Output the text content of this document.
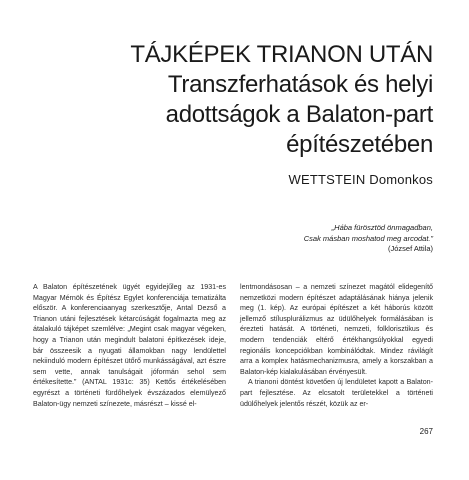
TÁJKÉPEK TRIANON UTÁN
Transzferhatások és helyi
adottságok a Balaton-part
építészetében
WETTSTEIN Domonkos
„Hába fürösztöd önmagadban,
Csak másban moshatod meg arcodat.”
(József Attila)

A Balaton építészetének ügyét egyidejűleg az 1931-es Magyar Mérnök és Építész Egylet konferenciája tematizálta először. A konferenciaanyag szerkesztője, Antal Dezső a Trianon utáni fejlesztések kétarcúságát fogalmazta meg az átalakuló tájképet szemlélve: „Megint csak magyar végeken, hogy a Trianon után megindult balatoni építkezések ideje, bár összeesik a nyugati államokban nagy lendülettel nekiinduló modern építészet ütőrő munkásságával, azt észre sem vette, annak tanulságait jóformán sehol sem értékesítette.” (ANTAL 1931c: 35) Kettős értékelésében egyrészt a történeti fürdőhelyek évszázados elemülyező Balaton-ügy nemzeti színezete, másrészt – kissé el-

lentmondásosan – a nemzeti színezet magától elidegenítő nemzetközi modern építészet adaptálásának hiánya jelenik meg (1. kép). Az európai építészet a két háborús között jellemző stílusplurálizmus az üdülőhelyek formálásában is érezteti hatását. A történeti, nemzeti, folklorisztikus és modern tendenciák eltérő értékhangsúlyokkal egyedi regionális koncepciókban kombinálódtak. Mindez rávilágít arra a komplex hatásmechanizmusra, amely a korszakban a Balaton-kép kialakulásában érvényesült.

A trianoni döntést követően új lendületet kapott a Balaton-part fejlesztése. Az elcsatolt területekkel a történeti üdülőhelyek jelentős részét, közük az er-

267
